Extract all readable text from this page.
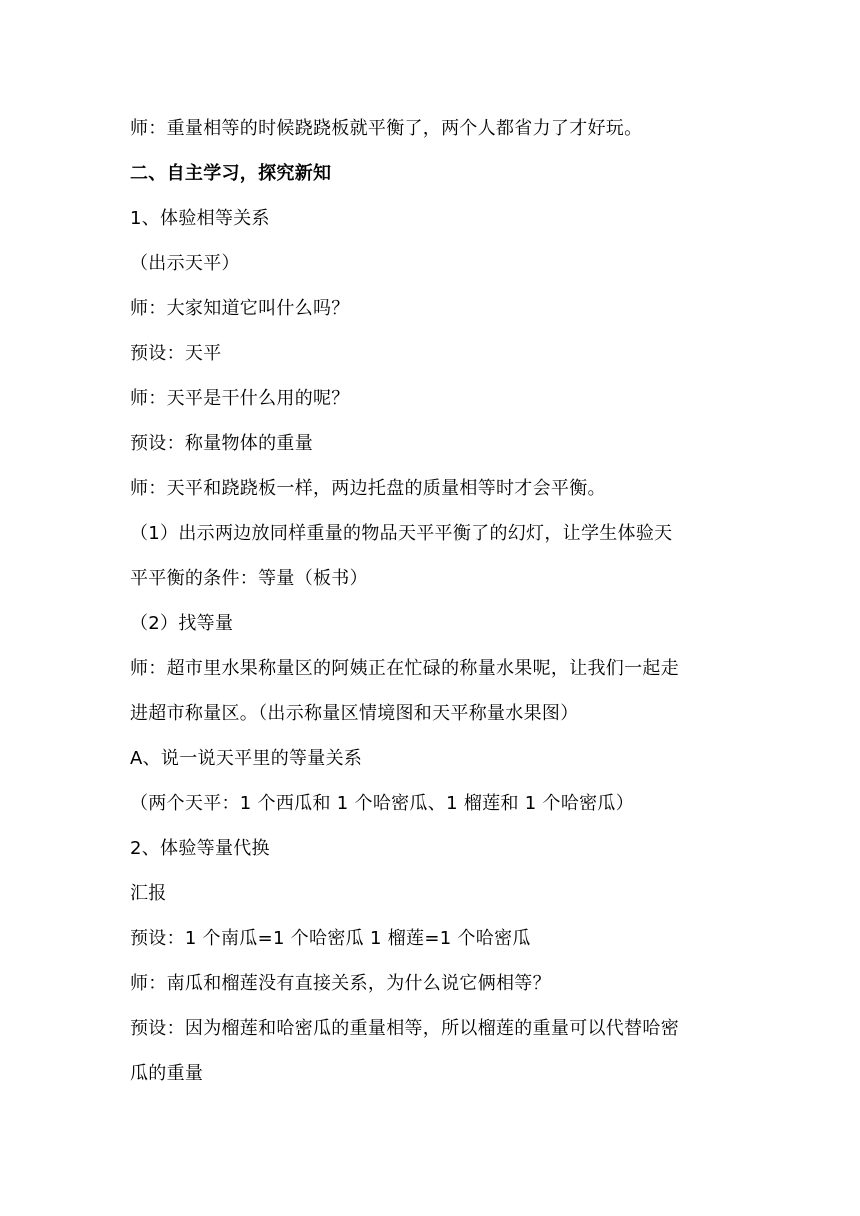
师：重量相等的时候跷跷板就平衡了，两个人都省力了才好玩。
二、自主学习，探究新知
1、体验相等关系
（出示天平）
师：大家知道它叫什么吗？
预设：天平
师：天平是干什么用的呢？
预设：称量物体的重量
师：天平和跷跷板一样，两边托盘的质量相等时才会平衡。
（1）出示两边放同样重量的物品天平平衡了的幻灯，让学生体验天
平平衡的条件：等量（板书）
（2）找等量
师：超市里水果称量区的阿姨正在忙碌的称量水果呢，让我们一起走
进超市称量区。（出示称量区情境图和天平称量水果图）
A、说一说天平里的等量关系
（两个天平：1 个西瓜和 1 个哈密瓜、1 榴莲和 1 个哈密瓜）
2、体验等量代换
汇报
预设：1 个南瓜=1 个哈密瓜 1 榴莲=1 个哈密瓜
师：南瓜和榴莲没有直接关系，为什么说它俩相等？
预设：因为榴莲和哈密瓜的重量相等，所以榴莲的重量可以代替哈密
瓜的重量
